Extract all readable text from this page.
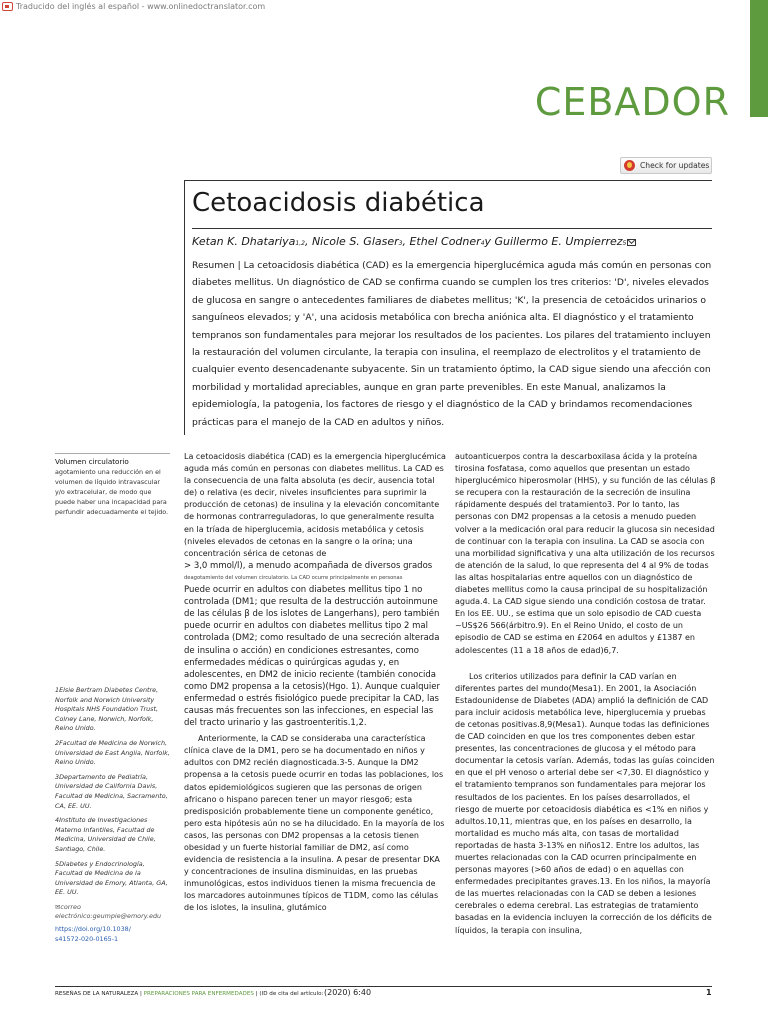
Traducido del inglés al español - www.onlinedoctranslator.com
CEBADOR
Check for updates
Cetoacidosis diabética
Ketan K. Dhatariya1,2, Nicole S. Glaser3, Ethel Codner4y Guillermo E. Umpierrez5

Resumen | La cetoacidosis diabética (CAD) es la emergencia hiperglucémica aguda más común en personas con diabetes mellitus. Un diagnóstico de CAD se confirma cuando se cumplen los tres criterios: 'D', niveles elevados de glucosa en sangre o antecedentes familiares de diabetes mellitus; 'K', la presencia de cetoácidos urinarios o sanguíneos elevados; y 'A', una acidosis metabólica con brecha aniónica alta. El diagnóstico y el tratamiento tempranos son fundamentales para mejorar los resultados de los pacientes. Los pilares del tratamiento incluyen la restauración del volumen circulante, la terapia con insulina, el reemplazo de electrolitos y el tratamiento de cualquier evento desencadenante subyacente. Sin un tratamiento óptimo, la CAD sigue siendo una afección con morbilidad y mortalidad apreciables, aunque en gran parte prevenibles. En este Manual, analizamos la epidemiología, la patogenia, los factores de riesgo y el diagnóstico de la CAD y brindamos recomendaciones prácticas para el manejo de la CAD en adultos y niños.

Volumen circulatorio
agotamiento una reducción en el volumen de líquido intravascular y/o extracelular, de modo que puede haber una incapacidad para perfundir adecuadamente el tejido.

1Elsie Bertram Diabetes Centre, Norfolk and Norwich University Hospitals NHS Foundation Trust, Colney Lane, Norwich, Norfolk, Reino Unido.

2Facultad de Medicina de Norwich, Universidad de East Anglia, Norfolk, Reino Unido.

3Departamento de Pediatría, Universidad de California Davis, Facultad de Medicina, Sacramento, CA, EE. UU.

4Instituto de Investigaciones Materno Infantiles, Facultad de Medicina, Universidad de Chile, Santiago, Chile.

5Diabetes y Endocrinología, Facultad de Medicina de la Universidad de Emory, Atlanta, GA, EE. UU.

✉correo electrónico:geumpie@emory.edu

https://doi.org/10.1038/
s41572-020-0165-1

La cetoacidosis diabética (CAD) es la emergencia hiperglucémica aguda más común en personas con diabetes mellitus. La CAD es la consecuencia de una falta absoluta (es decir, ausencia total de) o relativa (es decir, niveles insuficientes para suprimir la producción de cetonas) de insulina y la elevación concomitante de hormonas contrarreguladoras, lo que generalmente resulta en la tríada de hiperglucemia, acidosis metabólica y cetosis (niveles elevados de cetonas en la sangre o la orina; una concentración sérica de cetonas de

> 3,0 mmol/l), a menudo acompañada de diversos grados

deagotamiento del volumen circulatorio. La CAD ocurre principalmente en personas

Puede ocurrir en adultos con diabetes mellitus tipo 1 no controlada (DM1; que resulta de la destrucción autoinmune de las células β de los islotes de Langerhans), pero también puede ocurrir en adultos con diabetes mellitus tipo 2 mal controlada (DM2; como resultado de una secreción alterada de insulina o acción) en condiciones estresantes, como enfermedades médicas o quirúrgicas agudas y, en adolescentes, en DM2 de inicio reciente (también conocida como DM2 propensa a la cetosis)(Hgo. 1). Aunque cualquier enfermedad o estrés fisiológico puede precipitar la CAD, las causas más frecuentes son las infecciones, en especial las del tracto urinario y las gastroenteritis.1,2.

Anteriormente, la CAD se consideraba una característica clínica clave de la DM1, pero se ha documentado en niños y adultos con DM2 recién diagnosticada.3-5. Aunque la DM2 propensa a la cetosis puede ocurrir en todas las poblaciones, los datos epidemiológicos sugieren que las personas de origen africano o hispano parecen tener un mayor riesgo6; esta predisposición probablemente tiene un componente genético, pero esta hipótesis aún no se ha dilucidado. En la mayoría de los casos, las personas con DM2 propensas a la cetosis tienen obesidad y un fuerte historial familiar de DM2, así como evidencia de resistencia a la insulina. A pesar de presentar DKA y concentraciones de insulina disminuidas, en las pruebas inmunológicas, estos individuos tienen la misma frecuencia de los marcadores autoinmunes típicos de T1DM, como las células de los islotes, la insulina, glutámico

autoanticuerpos contra la descarboxilasa ácida y la proteína tirosina fosfatasa, como aquellos que presentan un estado hiperglucémico hiperosmolar (HHS), y su función de las células β se recupera con la restauración de la secreción de insulina rápidamente después del tratamiento3. Por lo tanto, las personas con DM2 propensas a la cetosis a menudo pueden volver a la medicación oral para reducir la glucosa sin necesidad de continuar con la terapia con insulina. La CAD se asocia con una morbilidad significativa y una alta utilización de los recursos de atención de la salud, lo que representa del 4 al 9% de todas las altas hospitalarias entre aquellos con un diagnóstico de diabetes mellitus como la causa principal de su hospitalización aguda.4. La CAD sigue siendo una condición costosa de tratar. En los EE. UU., se estima que un solo episodio de CAD cuesta ~US$26 566(árbitro.9). En el Reino Unido, el costo de un episodio de CAD se estima en £2064 en adultos y £1387 en adolescentes (11 a 18 años de edad)6,7.

Los criterios utilizados para definir la CAD varían en diferentes partes del mundo(Mesa1). En 2001, la Asociación Estadounidense de Diabetes (ADA) amplió la definición de CAD para incluir acidosis metabólica leve, hiperglucemia y pruebas de cetonas positivas.8,9(Mesa1). Aunque todas las definiciones de CAD coinciden en que los tres componentes deben estar presentes, las concentraciones de glucosa y el método para documentar la cetosis varían. Además, todas las guías coinciden en que el pH venoso o arterial debe ser <7,30. El diagnóstico y el tratamiento tempranos son fundamentales para mejorar los resultados de los pacientes. En los países desarrollados, el riesgo de muerte por cetoacidosis diabética es <1% en niños y adultos.10,11, mientras que, en los países en desarrollo, la mortalidad es mucho más alta, con tasas de mortalidad reportadas de hasta 3-13% en niños12. Entre los adultos, las muertes relacionadas con la CAD ocurren principalmente en personas mayores (>60 años de edad) o en aquellas con enfermedades precipitantes graves.13. En los niños, la mayoría de las muertes relacionadas con la CAD se deben a lesiones cerebrales o edema cerebral. Las estrategias de tratamiento basadas en la evidencia incluyen la corrección de los déficits de líquidos, la terapia con insulina,

RESEÑAS DE LA NATURALEZA | PREPARACIONES PARA ENFERMEDADES | (ID de cita del artículo: (2020) 6:40	1
